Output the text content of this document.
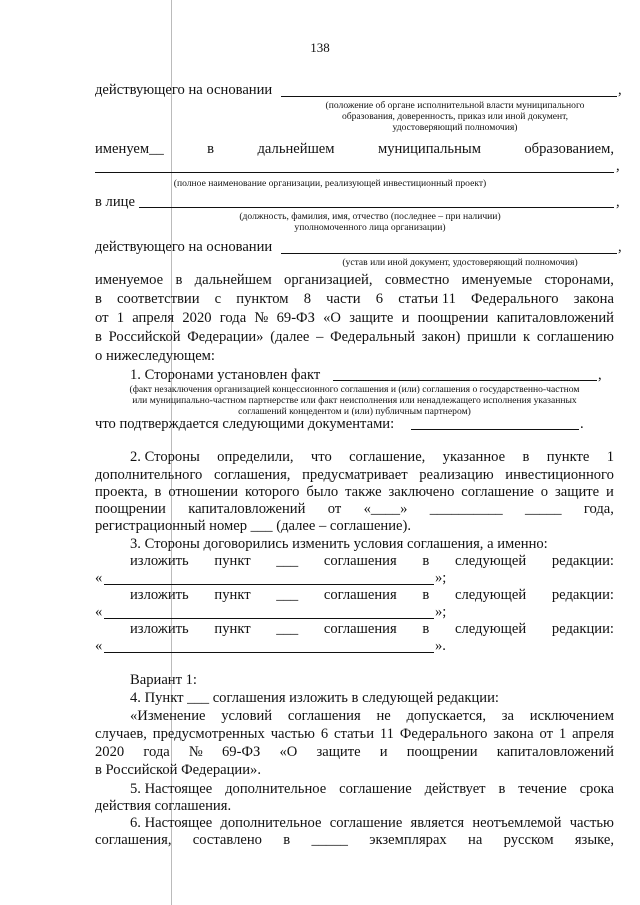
138
действующего на основании	,
(положение об органе исполнительной власти муниципального
образования, доверенность, приказ или иной документ,
удостоверяющий полномочия)
именуем__	в	дальнейшем	муниципальным	образованием,
,
(полное наименование организации, реализующей инвестиционный проект)
в лице	,
(должность, фамилия, имя, отчество (последнее – при наличии)
уполномоченного лица организации)
действующего на основании	,
(устав или иной документ, удостоверяющий полномочия)
именуемое в дальнейшем организацией, совместно именуемые сторонами,
в соответствии с пунктом 8 части 6 статьи 11 Федерального закона
от 1 апреля 2020 года № 69-ФЗ «О защите и поощрении капиталовложений
в Российской Федерации» (далее – Федеральный закон) пришли к соглашению
о нижеследующем:
1. Сторонами установлен факт	,
(факт незаключения организацией концессионного соглашения и (или) соглашения о государственно-частном
или муниципально-частном партнерстве или факт неисполнения или ненадлежащего исполнения указанных
соглашений концедентом и (или) публичным партнером)
что подтверждается следующими документами:	.
2. Стороны определили, что соглашение, указанное в пункте 1
дополнительного соглашения, предусматривает реализацию инвестиционного
проекта, в отношении которого было также заключено соглашение о защите и
поощрении капиталовложений от «____» __________ _____ года,
регистрационный номер ___ (далее – соглашение).
3. Стороны договорились изменить условия соглашения, а именно:
изложить пункт ___ соглашения в следующей редакции:
«	»;
изложить пункт ___ соглашения в следующей редакции:
«	»;
изложить пункт ___ соглашения в следующей редакции:
«	».
Вариант 1:
4. Пункт ___ соглашения изложить в следующей редакции:
«Изменение условий соглашения не допускается, за исключением
случаев, предусмотренных частью 6 статьи 11 Федерального закона от 1 апреля
2020 года № 69-ФЗ «О защите и поощрении капиталовложений
в Российской Федерации».
5. Настоящее дополнительное соглашение действует в течение срока
действия соглашения.
6. Настоящее дополнительное соглашение является неотъемлемой частью
соглашения, составлено в _____ экземплярах на русском языке,
